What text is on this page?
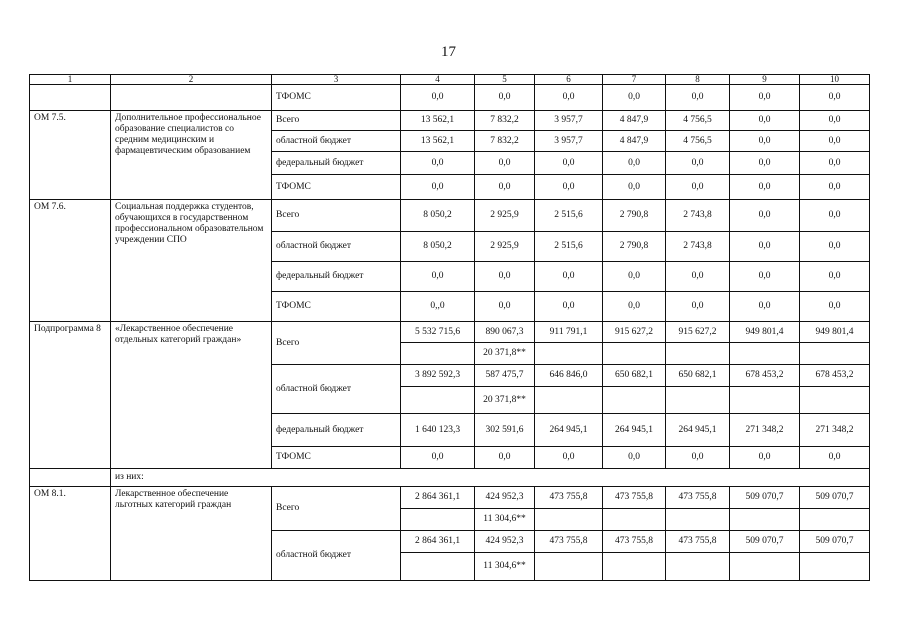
17
1	2	3	4	5	6	7	8	9	10
		ТФОМС	0,0	0,0	0,0	0,0	0,0	0,0	0,0
ОМ 7.5.	Дополнительное профессиональное образование специалистов со средним медицинским и фармацевтическим образованием	Всего	13 562,1	7 832,2	3 957,7	4 847,9	4 756,5	0,0	0,0
		областной бюджет	13 562,1	7 832,2	3 957,7	4 847,9	4 756,5	0,0	0,0
		федеральный бюджет	0,0	0,0	0,0	0,0	0,0	0,0	0,0
		ТФОМС	0,0	0,0	0,0	0,0	0,0	0,0	0,0
ОМ 7.6.	Социальная поддержка студентов, обучающихся в государственном профессиональном образовательном учреждении СПО	Всего	8 050,2	2 925,9	2 515,6	2 790,8	2 743,8	0,0	0,0
		областной бюджет	8 050,2	2 925,9	2 515,6	2 790,8	2 743,8	0,0	0,0
		федеральный бюджет	0,0	0,0	0,0	0,0	0,0	0,0	0,0
		ТФОМС	0,,0	0,0	0,0	0,0	0,0	0,0	0,0
Подпрограмма 8	«Лекарственное обеспечение отдельных категорий граждан»	Всего	5 532 715,6	890 067,3	911 791,1	915 627,2	915 627,2	949 801,4	949 801,4
				20 371,8**					
		областной бюджет	3 892 592,3	587 475,7	646 846,0	650 682,1	650 682,1	678 453,2	678 453,2
				20 371,8**					
		федеральный бюджет	1 640 123,3	302 591,6	264 945,1	264 945,1	264 945,1	271 348,2	271 348,2
		ТФОМС	0,0	0,0	0,0	0,0	0,0	0,0	0,0
	из них:								
ОМ 8.1.	Лекарственное обеспечение льготных категорий граждан	Всего	2 864 361,1	424 952,3	473 755,8	473 755,8	473 755,8	509 070,7	509 070,7
				11 304,6**					
		областной бюджет	2 864 361,1	424 952,3	473 755,8	473 755,8	473 755,8	509 070,7	509 070,7
				11 304,6**					
